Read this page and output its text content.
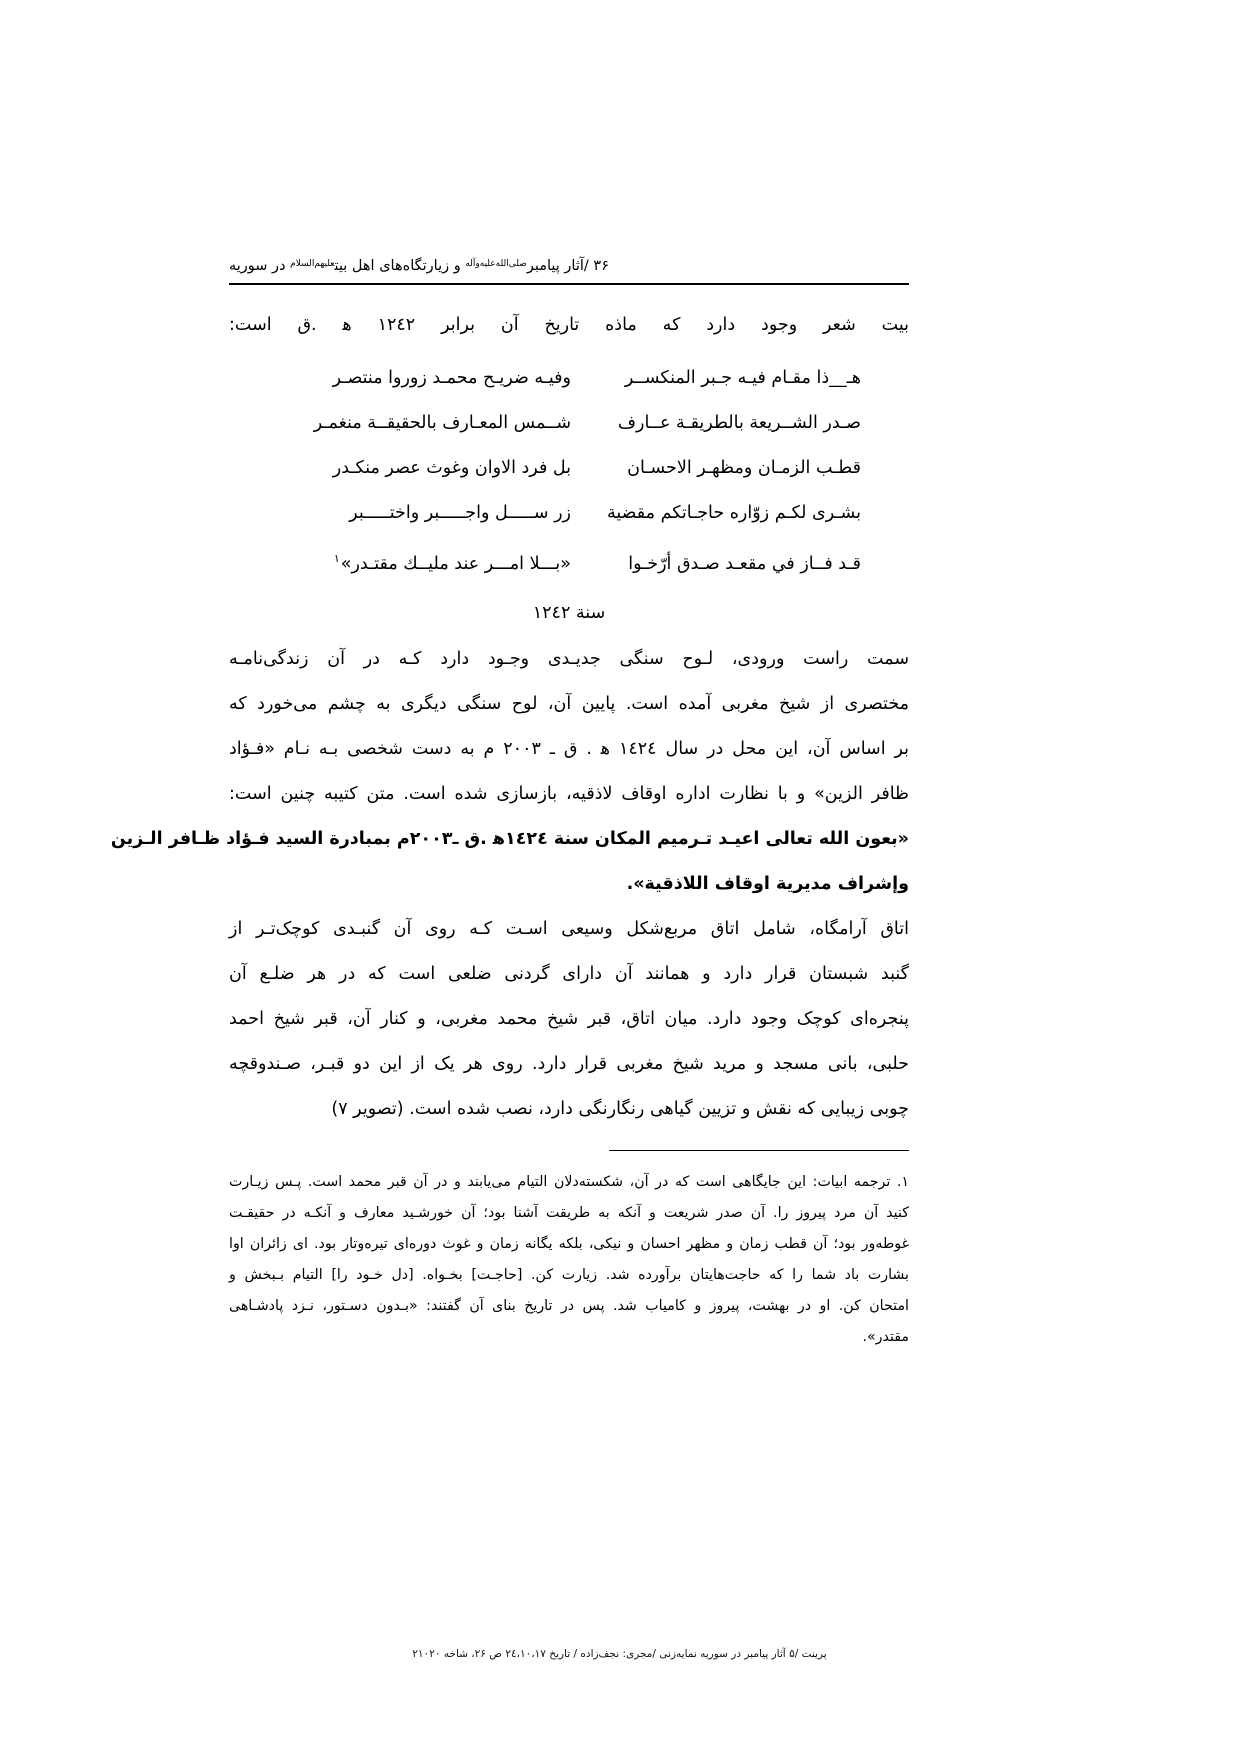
۳۶ /آثار پیامبر$^{صلی‌الله‌علیه‌وآله}$ و زیارتگاه‌های اهل بیت$^{علیهم‌السلام}$ در سوریه
بیت شعر وجود دارد که ماذه تاریخ آن برابر ۱۲٤۲ ﻫ .ق است:
هـ__ذا مقـام فيـه جـبر المنكســر
وفيـه ضريـح محمـد زوروا منتصـر
صـدر الشــريعة بالطريقـة عــارف
شــمس المعـارف بالحقيقــة منغمـر
قطـب الزمـان ومظهـر الاحسـان
بل فرد الاوان وغوث عصر منكـدر
بشـرى لكـم زوّاره حاجـاتكم مقضية
زر ســـــل واجـــــبر واختـــــبر
قـد فــاز في مقعـد صـدق أرّخـوا
«بـــلا امـــر عند مليــك مقتـدر»$^۱$
سنة ۱۲٤۲
سمت راست ورودی، لـوح سنگی جدیـدی وجـود دارد کـه در آن زندگی‌نامـه
مختصری از شیخ مغربی آمده است. پایین آن، لوح سنگی دیگری به چشم می‌خورد که
بر اساس آن، این محل در سال ۱٤۲٤ ﻫ . ق ـ ۲۰۰۳ م به دست شخصی بـه نـام «فـؤاد
ظافر الزین» و با نظارت اداره اوقاف لاذقیه، بازسازی شده است. متن کتیبه چنین است:
«بعون الله تعالی اعیـد تـرمیم المکان سنة ۱٤۲٤ﻫ .ق ـ۲۰۰۳م بمبادرة السید فـؤاد ظـافر الـزین
وإشراف مدیریة اوقاف اللاذقیة».
اتاق آرامگاه، شامل اتاق مربع‌شکل وسیعی اسـت کـه روی آن گنبـدی کوچک‌تـر از
گنبد شبستان قرار دارد و همانند آن دارای گردنی ضلعی است که در هر ضلـع آن
پنجره‌ای کوچک وجود دارد. میان اتاق، قبر شیخ محمد مغربی، و کنار آن، قبر شیخ احمد
حلبی، بانی مسجد و مرید شیخ مغربی قرار دارد. روی هر یک از این دو قبـر، صـندوقچه
چوبی زیبایی که نقش و تزیین گیاهی رنگارنگی دارد، نصب شده است. (تصویر ۷)
۱. ترجمه ابیات: این جایگاهی است که در آن، شکسته‌دلان التیام می‌یابند و در آن قبر محمد است. پـس زیـارت
کنید آن مرد پیروز را. آن صدر شریعت و آنکه به طریقت آشنا بود؛ آن خورشـید معارف و آنکـه در حقیقـت
غوطه‌ور بود؛ آن قطب زمان و مظهر احسان و نیکی، بلکه یگانه زمان و غوث دوره‌ای تیره‌وتار بود. ای زائران اوا
بشارت باد شما را که حاجت‌هایتان برآورده شد. زیارت کن. [حاجـت] بخـواه. [دل خـود را] التیام بـبخش و
امتحان کن. او در بهشت، پیروز و کامیاب شد. پس در تاریخ بنای آن گفتند: «بـدون دسـتور، نـزد پادشـاهی
مقتدر».
پرینت /۵ آثار پیامبر در سوریه نمایه‌زنی /مجری: نجف‌زاده / تاریخ ۲٤،۱۰،۱۷ ص ۲۶، شاخه ۲۱۰۲۰
